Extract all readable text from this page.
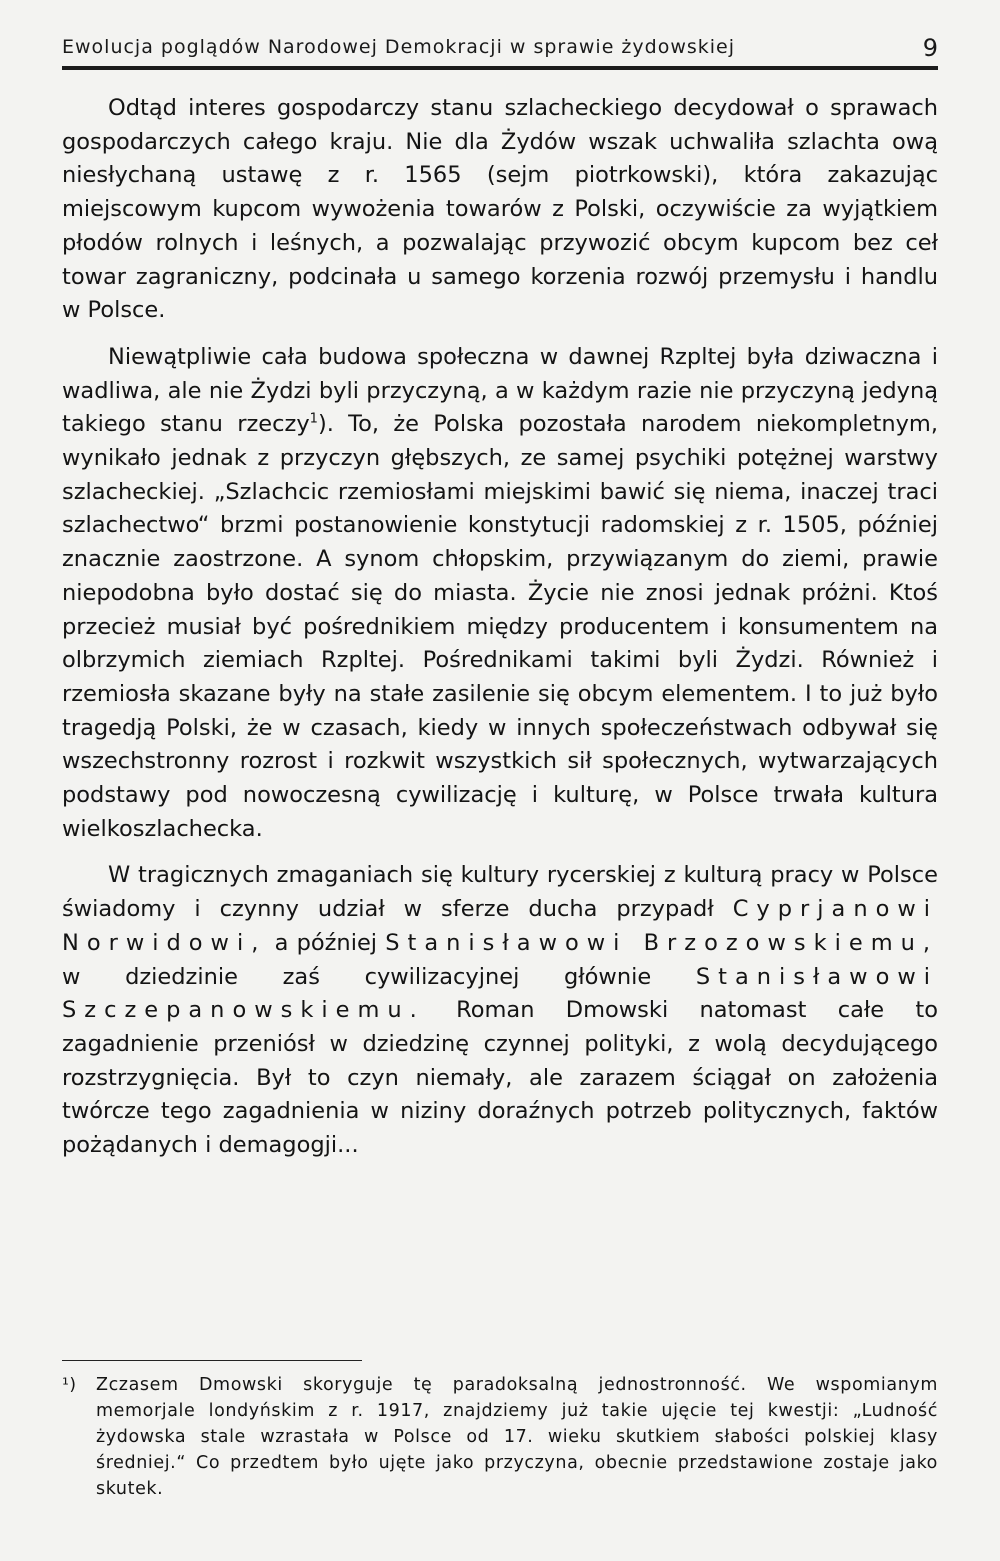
Ewolucja poglądów Narodowej Demokracji w sprawie żydowskiej	9

Odtąd interes gospodarczy stanu szlacheckiego decydował o sprawach gospodarczych całego kraju. Nie dla Żydów wszak uchwaliła szlachta ową niesłychaną ustawę z r. 1565 (sejm piotrkowski), która zakazując miejscowym kupcom wywożenia towarów z Polski, oczywiście za wyjątkiem płodów rolnych i leśnych, a pozwalając przywozić obcym kupcom bez ceł towar zagraniczny, podcinała u samego korzenia rozwój przemysłu i handlu w Polsce.

Niewątpliwie cała budowa społeczna w dawnej Rzpltej była dziwaczna i wadliwa, ale nie Żydzi byli przyczyną, a w każdym razie nie przyczyną jedyną takiego stanu rzeczy$^1$). To, że Polska pozostała narodem niekompletnym, wynikało jednak z przyczyn głębszych, ze samej psychiki potężnej warstwy szlacheckiej. „Szlachcic rzemiosłami miejskimi bawić się niema, inaczej traci szlachectwo“ brzmi postanowienie konstytucji radomskiej z r. 1505, później znacznie zaostrzone. A synom chłopskim, przywiązanym do ziemi, prawie niepodobna było dostać się do miasta. Życie nie znosi jednak próżni. Ktoś przecież musiał być pośrednikiem między producentem i konsumentem na olbrzymich ziemiach Rzpltej. Pośrednikami takimi byli Żydzi. Również i rzemiosła skazane były na stałe zasilenie się obcym elementem. I to już było tragedją Polski, że w czasach, kiedy w innych społeczeństwach odbywał się wszechstronny rozrost i rozkwit wszystkich sił społecznych, wytwarzających podstawy pod nowoczesną cywilizację i kulturę, w Polsce trwała kultura wielkoszlachecka.

W tragicznych zmaganiach się kultury rycerskiej z kulturą pracy w Polsce świadomy i czynny udział w sferze ducha przypadł Cyprjanowi Norwidowi, a później Stanisławowi Brzozowskiemu, w dziedzinie zaś cywilizacyjnej głównie Stanisławowi Szczepanowskiemu. Roman Dmowski natomast całe to zagadnienie przeniósł w dziedzinę czynnej polityki, z wolą decydującego rozstrzygnięcia. Był to czyn niemały, ale zarazem ściągał on założenia twórcze tego zagadnienia w niziny doraźnych potrzeb politycznych, faktów pożądanych i demagogji...

¹) Zczasem Dmowski skoryguje tę paradoksalną jednostronność. We wspomianym memorjale londyńskim z r. 1917, znajdziemy już takie ujęcie tej kwestji: „Ludność żydowska stale wzrastała w Polsce od 17. wieku skutkiem słabości polskiej klasy średniej.“ Co przedtem było ujęte jako przyczyna, obecnie przedstawione zostaje jako skutek.
